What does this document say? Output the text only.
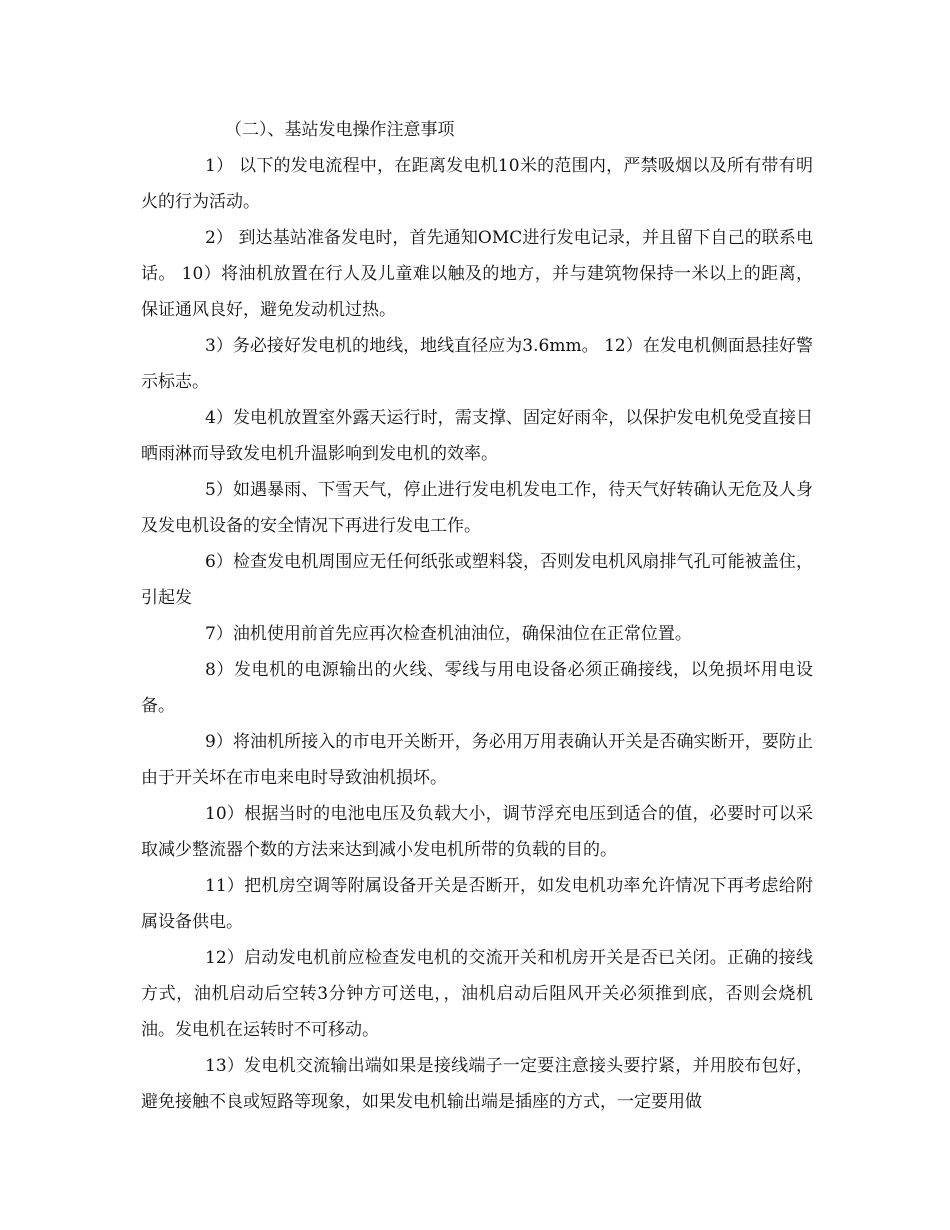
（二）、基站发电操作注意事项

1） 以下的发电流程中，在距离发电机10米的范围内，严禁吸烟以及所有带有明火的行为活动。

2） 到达基站准备发电时，首先通知OMC进行发电记录，并且留下自己的联系电话。 10）将油机放置在行人及儿童难以触及的地方，并与建筑物保持一米以上的距离，保证通风良好，避免发动机过热。

3）务必接好发电机的地线，地线直径应为3.6mm。 12）在发电机侧面悬挂好警示标志。

4）发电机放置室外露天运行时，需支撑、固定好雨伞，以保护发电机免受直接日晒雨淋而导致发电机升温影响到发电机的效率。

5）如遇暴雨、下雪天气，停止进行发电机发电工作，待天气好转确认无危及人身及发电机设备的安全情况下再进行发电工作。

6）检查发电机周围应无任何纸张或塑料袋，否则发电机风扇排气孔可能被盖住，引起发

7）油机使用前首先应再次检查机油油位，确保油位在正常位置。

8）发电机的电源输出的火线、零线与用电设备必须正确接线，以免损坏用电设备。

9）将油机所接入的市电开关断开，务必用万用表确认开关是否确实断开，要防止由于开关坏在市电来电时导致油机损坏。

10）根据当时的电池电压及负载大小，调节浮充电压到适合的值，必要时可以采取减少整流器个数的方法来达到减小发电机所带的负载的目的。

11）把机房空调等附属设备开关是否断开，如发电机功率允许情况下再考虑给附属设备供电。

12）启动发电机前应检查发电机的交流开关和机房开关是否已关闭。正确的接线方式，油机启动后空转3分钟方可送电，，油机启动后阻风开关必须推到底，否则会烧机油。发电机在运转时不可移动。

13）发电机交流输出端如果是接线端子一定要注意接头要拧紧，并用胶布包好，避免接触不良或短路等现象，如果发电机输出端是插座的方式，一定要用做
